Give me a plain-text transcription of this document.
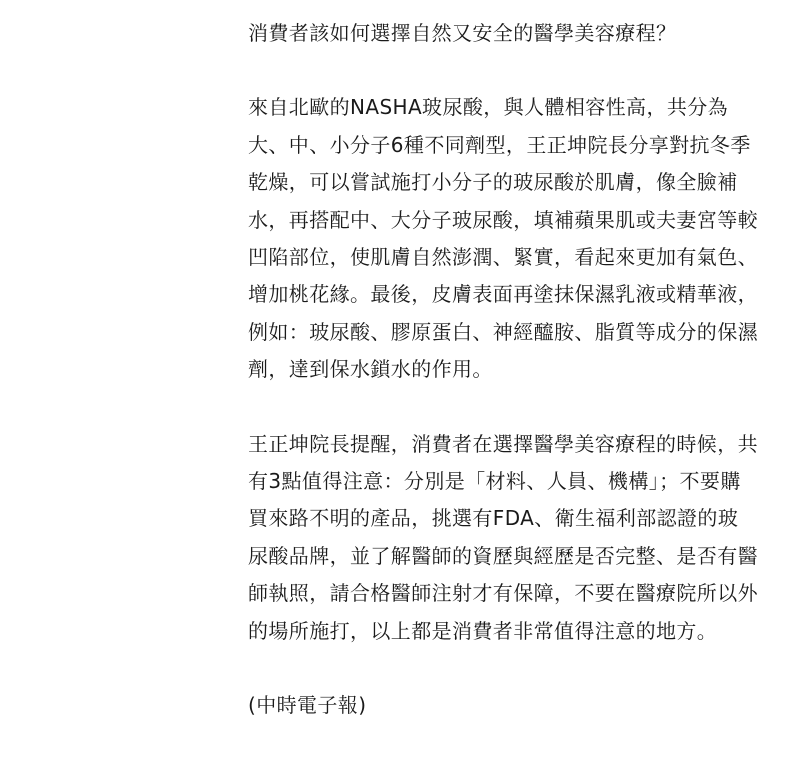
消費者該如何選擇自然又安全的醫學美容療程？

來自北歐的NASHA玻尿酸，與人體相容性高，共分為大、中、小分子6種不同劑型，王正坤院長分享對抗冬季乾燥，可以嘗試施打小分子的玻尿酸於肌膚，像全臉補水，再搭配中、大分子玻尿酸，填補蘋果肌或夫妻宮等較凹陷部位，使肌膚自然澎潤、緊實，看起來更加有氣色、增加桃花緣。最後，皮膚表面再塗抹保濕乳液或精華液，例如：玻尿酸、膠原蛋白、神經醯胺、脂質等成分的保濕劑，達到保水鎖水的作用。

王正坤院長提醒，消費者在選擇醫學美容療程的時候，共有3點值得注意：分別是「材料、人員、機構」；不要購買來路不明的產品，挑選有FDA、衛生福利部認證的玻尿酸品牌，並了解醫師的資歷與經歷是否完整、是否有醫師執照，請合格醫師注射才有保障，不要在醫療院所以外的場所施打，以上都是消費者非常值得注意的地方。

(中時電子報)
